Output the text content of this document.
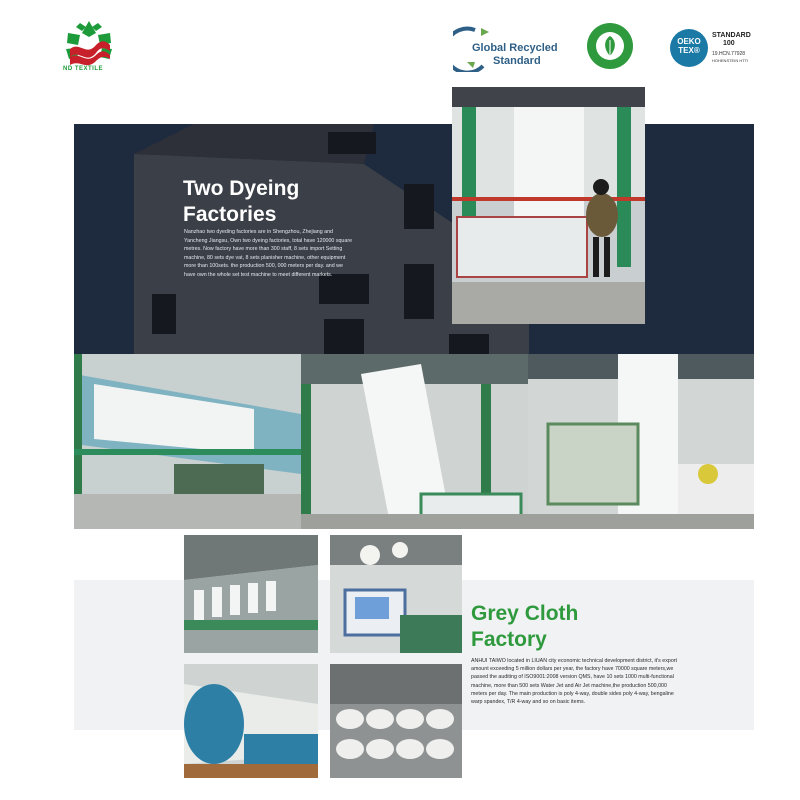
ND TEXTILE
Global Recycled
Standard
OEKO
TEX®
STANDARD
100
19.HCN.77928
HOHENSTEIN HTTI
Two Dyeing
Factories
Nanzhao two dyeding factories are in Shengzhou, Zhejiang and Yancheng Jiangsu, Own two dyeing factories, total have 120000 square metres. Now factory have more than 300 staff, 8 sets import Setting machine, 80 sets dye vat, 8 sets planisher machine, other equipment more than 100sets. the production 500, 000 meters per day. and we have own the whole set test machine to meet different markets.
Grey Cloth
Factory
ANHUI TAIWO located in LIUAN city economic technical development district, it's export amount exceeding 5 million dollars per year, the factory have 70000 square meters,we passed the auditing of ISO9001:2008 version QMS, have 10 sets 1000 multi-functional machine, more than 500 sets Water Jet and Air Jet machine,the production 500,000 meters per day. The main production is poly 4-way, double sides poly 4-way, bengaline warp spandex, T/R 4-way and so on basic items.
